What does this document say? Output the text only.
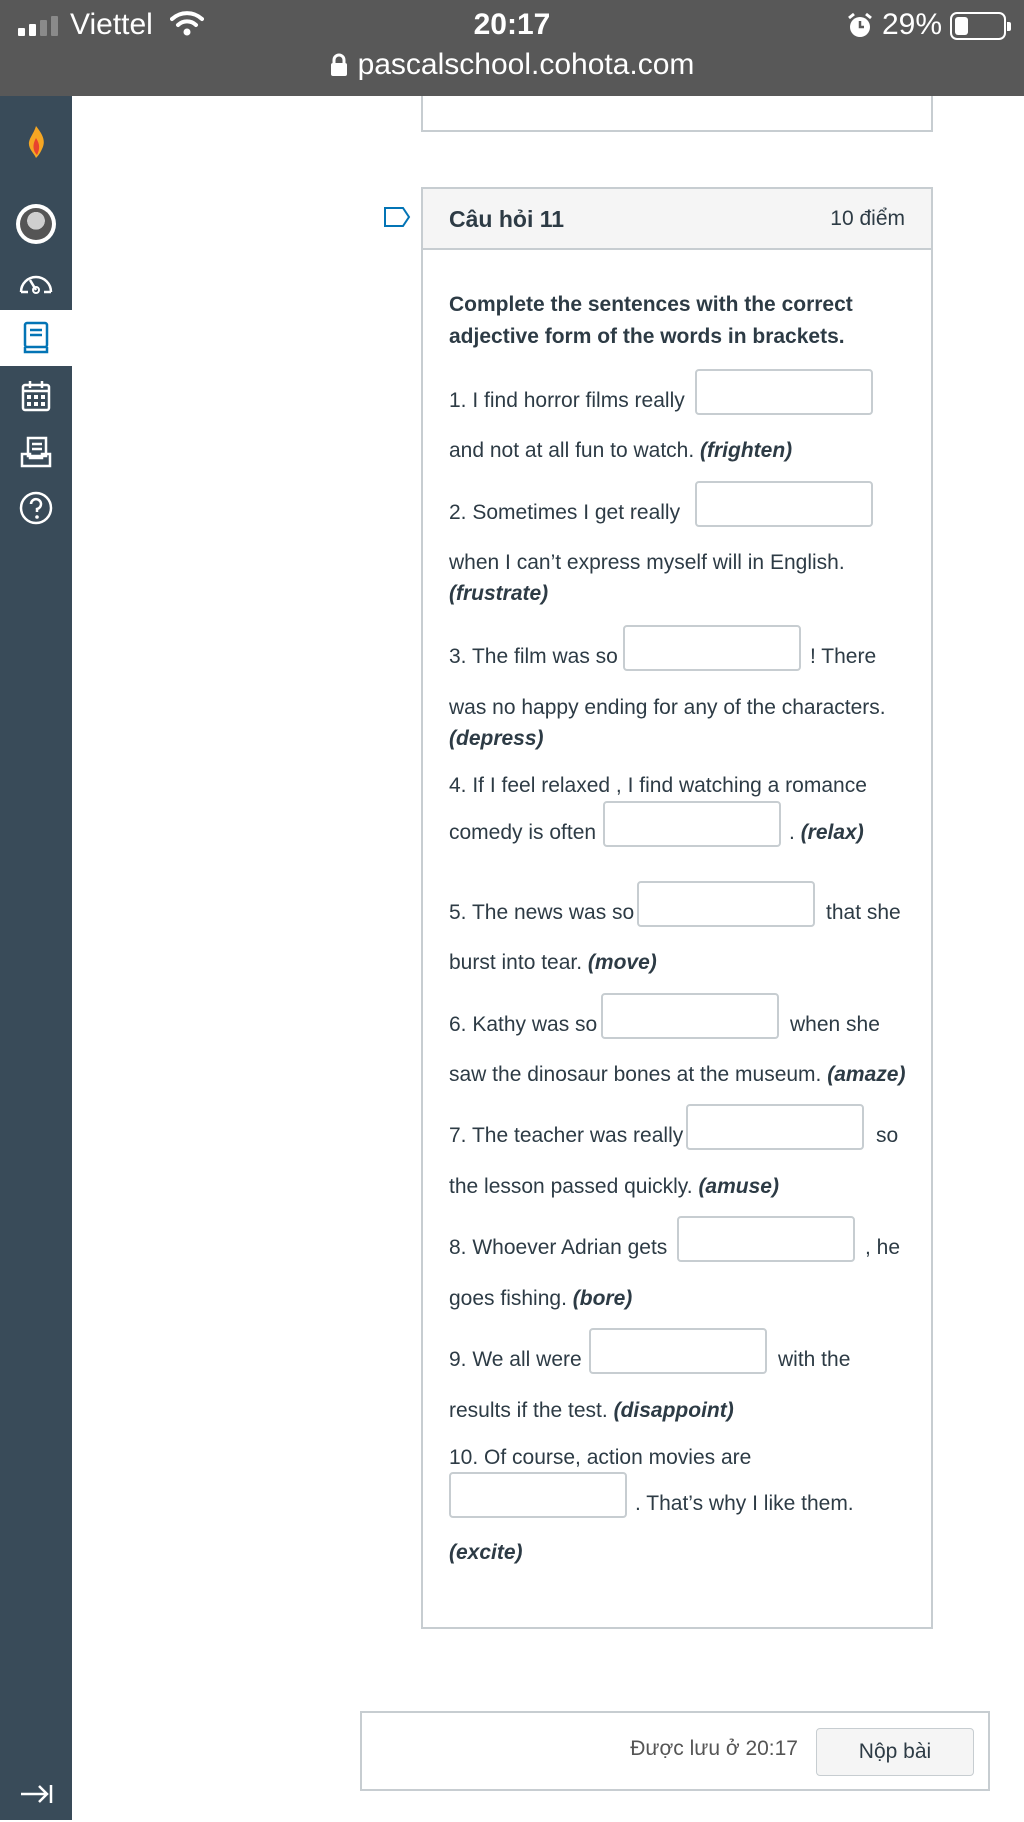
Viettel	20:17	29%
pascalschool.cohota.com
Câu hỏi 11	10 điểm
Complete the sentences with the correct adjective form of the words in brackets.
1. I find horror films really
and not at all fun to watch. (frighten)
2. Sometimes I get really
when I can’t express myself will in English.
(frustrate)
3. The film was so	! There
was no happy ending for any of the characters.
(depress)
4. If I feel relaxed , I find watching a romance
comedy is often	. (relax)
5. The news was so	that she
burst into tear. (move)
6. Kathy was so	when she
saw the dinosaur bones at the museum. (amaze)
7. The teacher was really	so
the lesson passed quickly. (amuse)
8. Whoever Adrian gets	, he
goes fishing. (bore)
9. We all were	with the
results if the test. (disappoint)
10. Of course, action movies are
. That’s why I like them.
(excite)
Được lưu ở 20:17	Nộp bài
